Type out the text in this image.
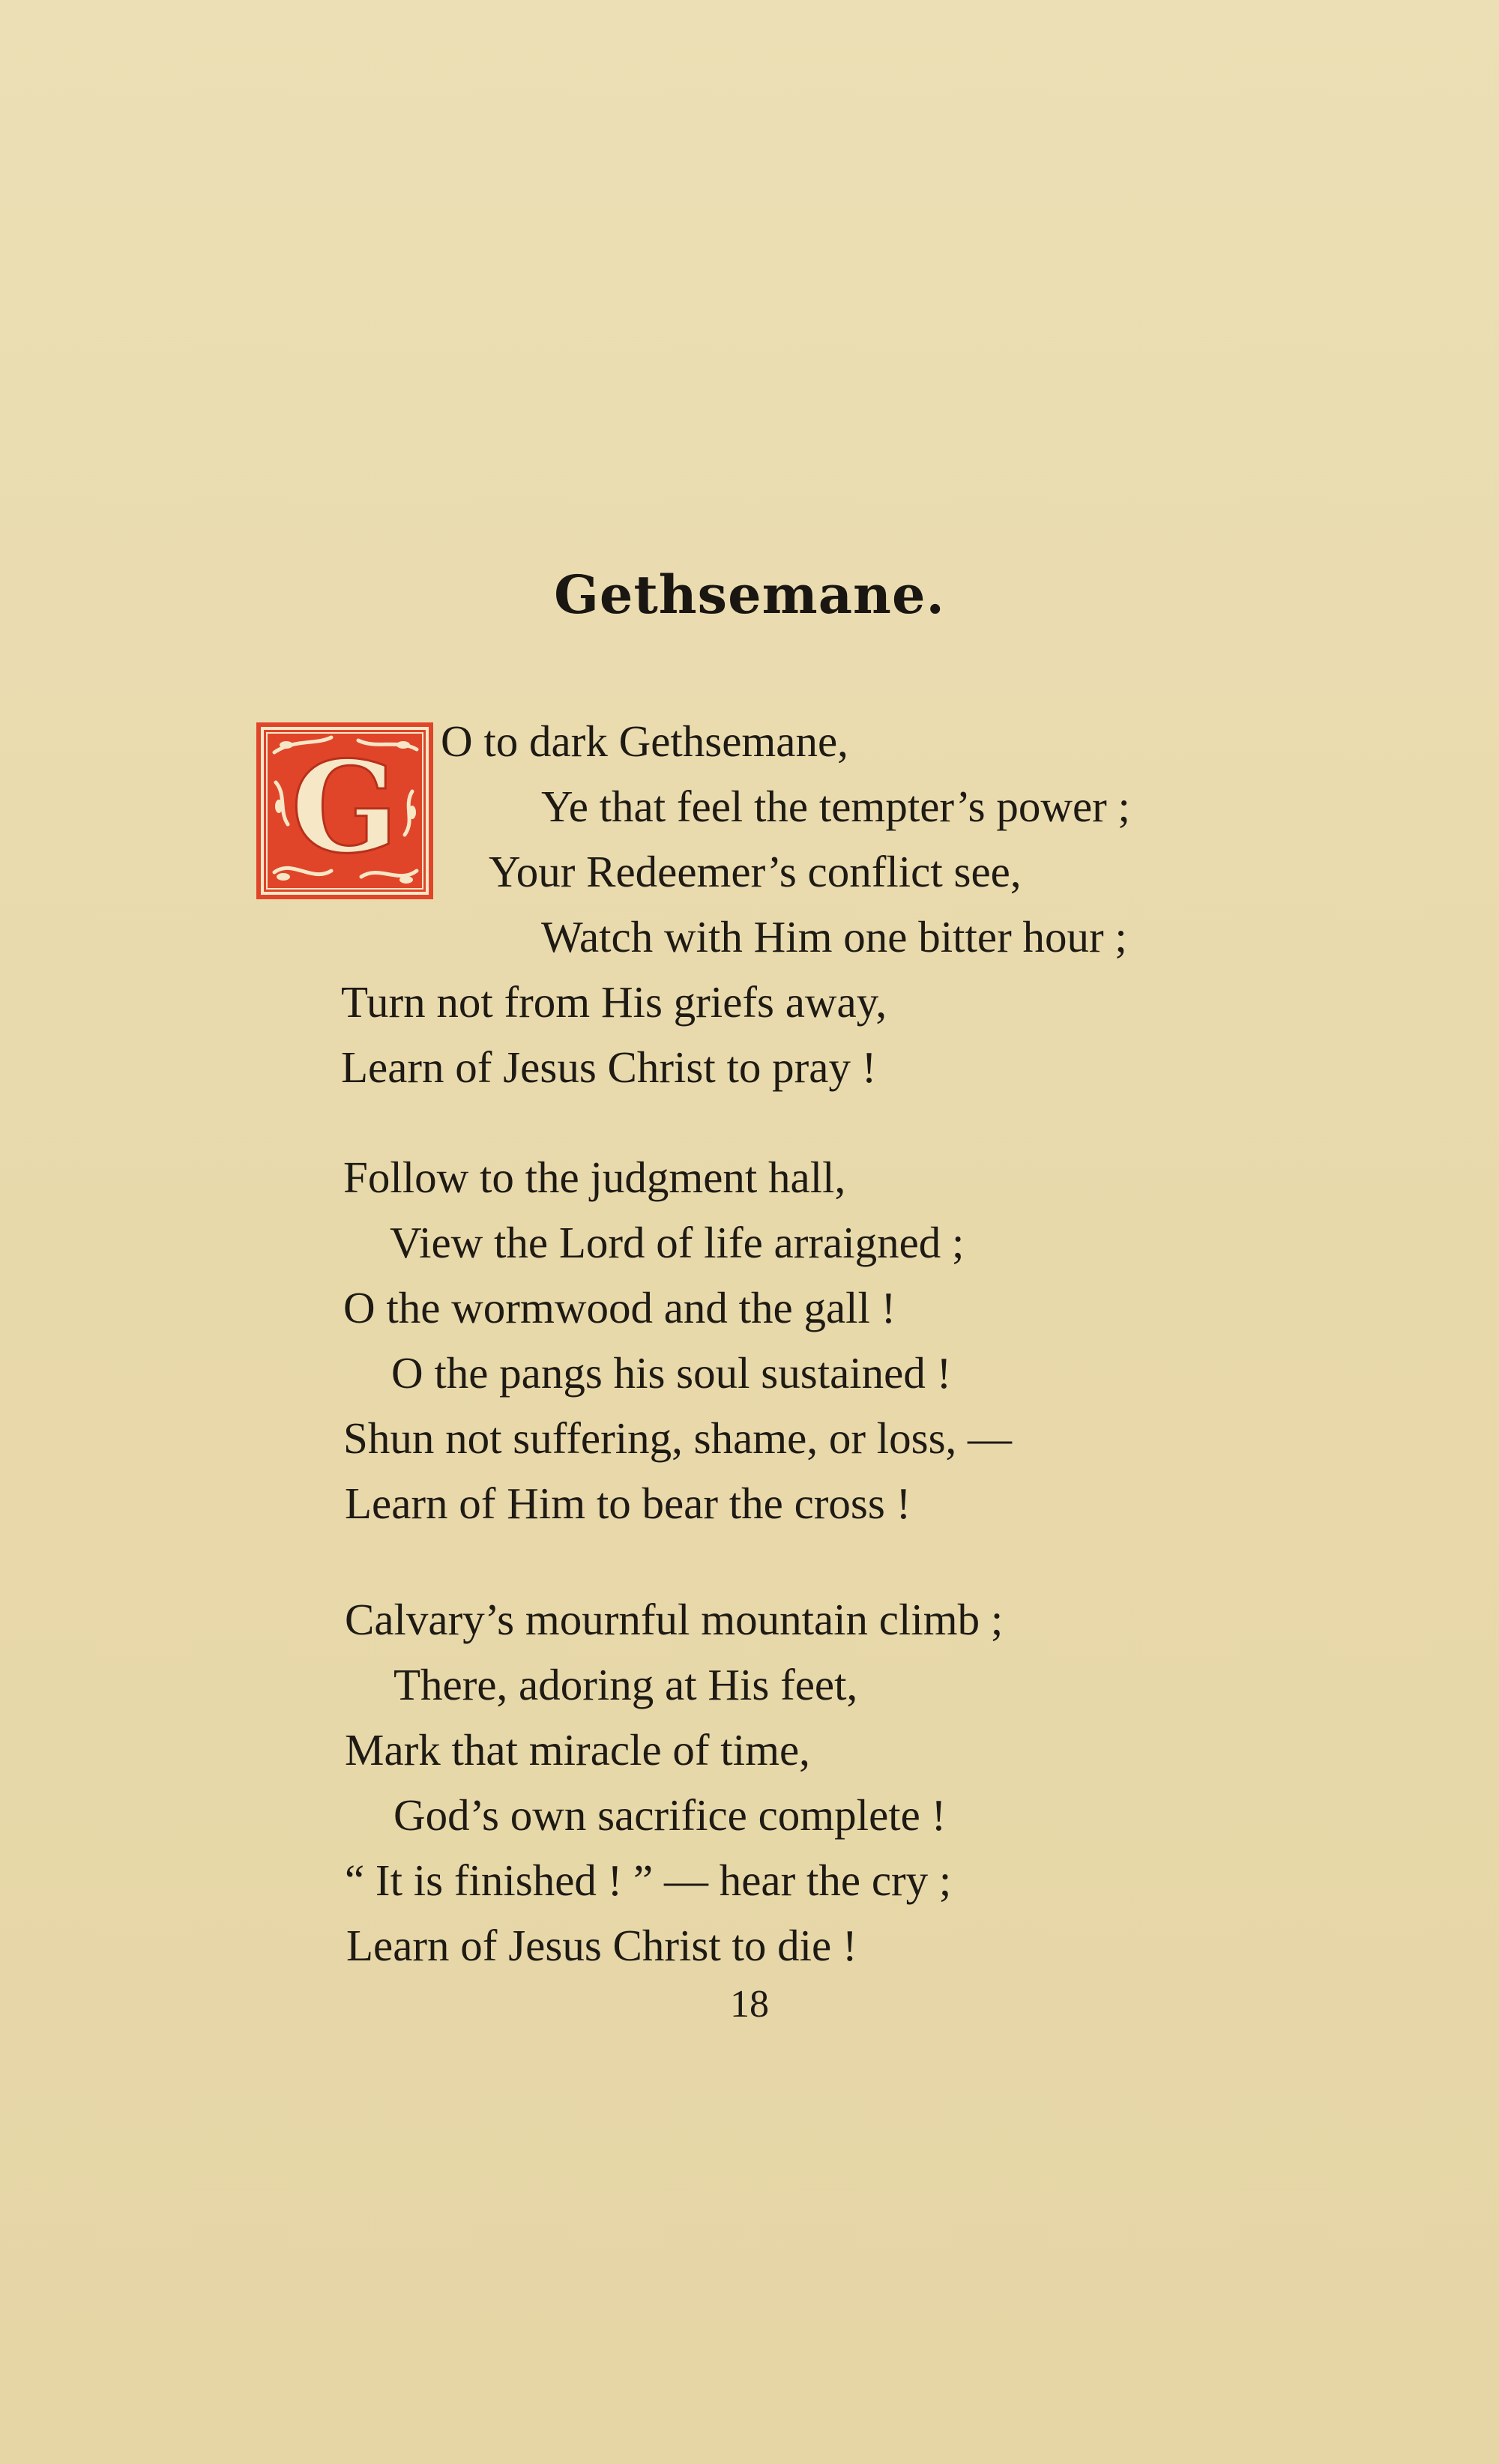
Gethsemane.
G O to dark Gethsemane,
Ye that feel the tempter’s power ;
Your Redeemer’s conflict see,
Watch with Him one bitter hour ;
Turn not from His griefs away,
Learn of Jesus Christ to pray !
Follow to the judgment hall,
View the Lord of life arraigned ;
O the wormwood and the gall !
O the pangs his soul sustained !
Shun not suffering, shame, or loss, —
Learn of Him to bear the cross !
Calvary’s mournful mountain climb ;
There, adoring at His feet,
Mark that miracle of time,
God’s own sacrifice complete !
“ It is finished ! ” — hear the cry ;
Learn of Jesus Christ to die !
18
